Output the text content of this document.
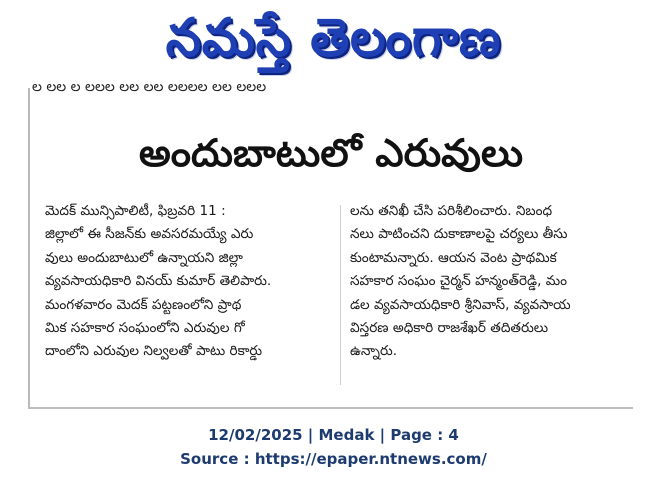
నమస్తే తెలంగాణ
ల లల ల లలల లల లల లలలల లల లలల
అందుబాటులో ఎరువులు
మెదక్ మున్సిపాలిటీ, ఫిబ్రవరి 11 :
జిల్లాలో ఈ సీజన్‌కు అవసరమయ్యే ఎరు
వులు అందుబాటులో ఉన్నాయని జిల్లా
వ్యవసాయధికారి వినయ్ కుమార్ తెలిపారు.
మంగళవారం మెదక్ పట్టణంలోని ప్రాథ
మిక సహకార సంఘంలోని ఎరువుల గో
దాంలోని ఎరువుల నిల్వలతో పాటు రికార్డు
లను తనిఖీ చేసి పరిశీలించారు. నిబంధ
నలు పాటించని దుకాణాలపై చర్యలు తీసు
కుంటామన్నారు. ఆయన వెంట ప్రాథమిక
సహకార సంఘం చైర్మన్ హన్మంత్‌రెడ్డి, మం
డల వ్యవసాయధికారి శ్రీనివాస్, వ్యవసాయ
విస్తరణ అధికారి రాజశేఖర్ తదితరులు
ఉన్నారు.
12/02/2025 | Medak | Page : 4
Source : https://epaper.ntnews.com/
